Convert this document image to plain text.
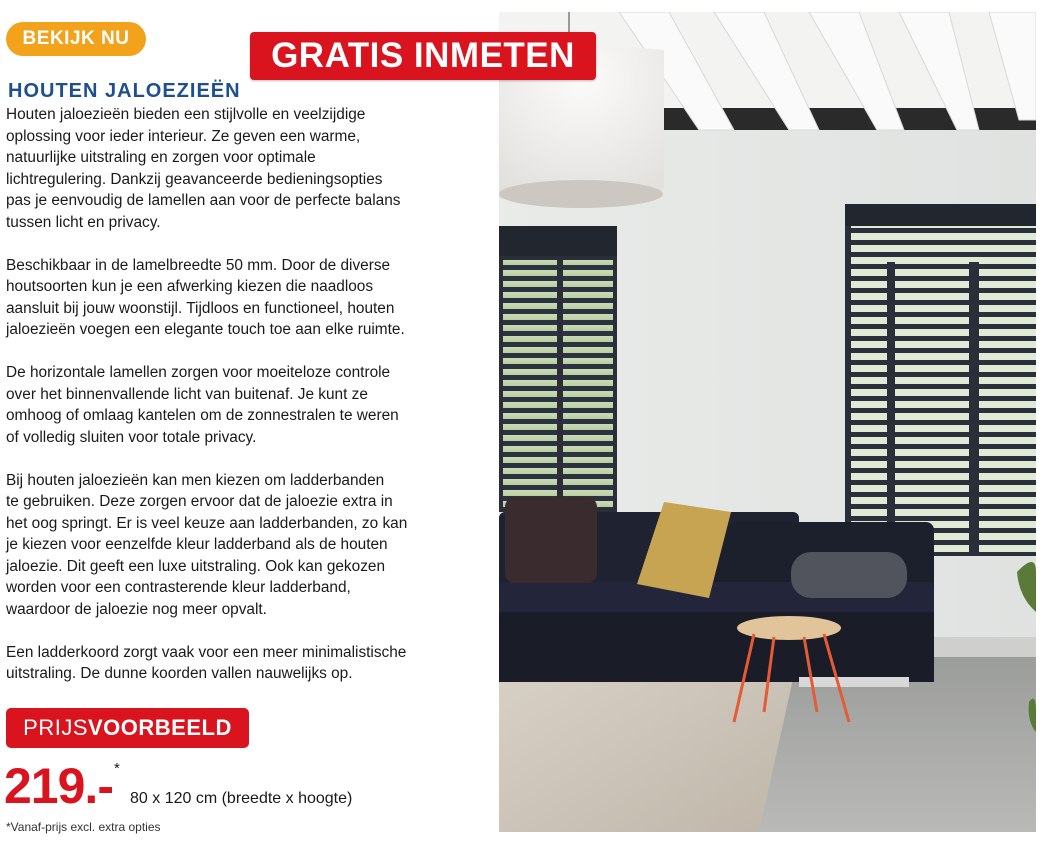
BEKIJK NU
HOUTEN JALOEZIEËN

Houten jaloezieën bieden een stijlvolle en veelzijdige
oplossing voor ieder interieur. Ze geven een warme,
natuurlijke uitstraling en zorgen voor optimale
lichtregulering. Dankzij geavanceerde bedieningsopties
pas je eenvoudig de lamellen aan voor de perfecte balans
tussen licht en privacy.

Beschikbaar in de lamelbreedte 50 mm. Door de diverse
houtsoorten kun je een afwerking kiezen die naadloos
aansluit bij jouw woonstijl. Tijdloos en functioneel, houten
jaloezieën voegen een elegante touch toe aan elke ruimte.

De horizontale lamellen zorgen voor moeiteloze controle
over het binnenvallende licht van buitenaf. Je kunt ze
omhoog of omlaag kantelen om de zonnestralen te weren
of volledig sluiten voor totale privacy.

Bij houten jaloezieën kan men kiezen om ladderbanden
te gebruiken. Deze zorgen ervoor dat de jaloezie extra in
het oog springt. Er is veel keuze aan ladderbanden, zo kan
je kiezen voor eenzelfde kleur ladderband als de houten
jaloezie. Dit geeft een luxe uitstraling. Ook kan gekozen
worden voor een contrasterende kleur ladderband,
waardoor de jaloezie nog meer opvalt.

Een ladderkoord zorgt vaak voor een meer minimalistische
uitstraling. De dunne koorden vallen nauwelijks op.

PRIJS VOORBEELD
219.- *
80 x 120 cm (breedte x hoogte)
*Vanaf-prijs excl. extra opties
GRATIS INMETEN
